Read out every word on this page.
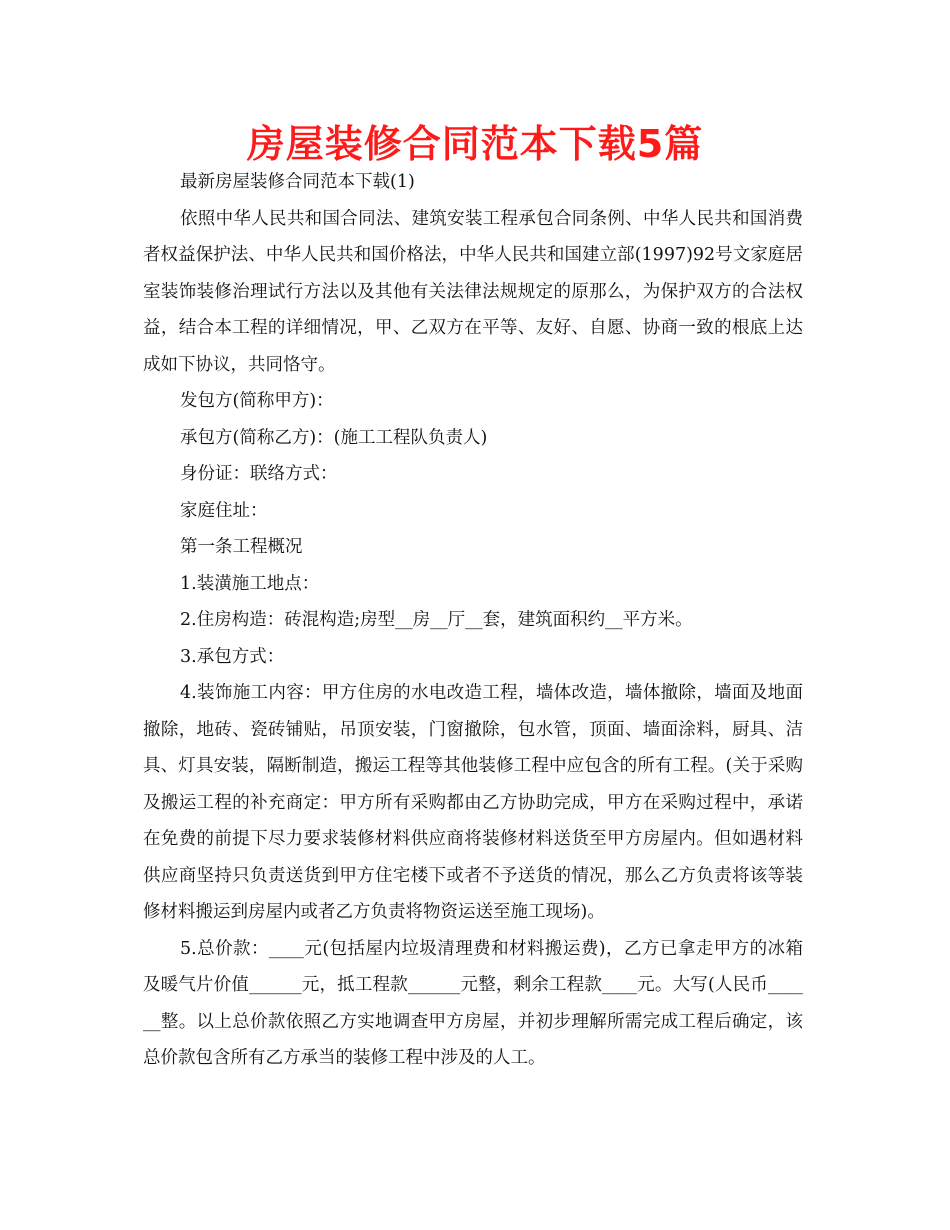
房屋装修合同范本下载5篇

最新房屋装修合同范本下载(1)

依照中华人民共和国合同法、建筑安装工程承包合同条例、中华人民共和国消费者权益保护法、中华人民共和国价格法，中华人民共和国建立部(1997)92号文家庭居室装饰装修治理试行方法以及其他有关法律法规规定的原那么，为保护双方的合法权益，结合本工程的详细情况，甲、乙双方在平等、友好、自愿、协商一致的根底上达成如下协议，共同恪守。

发包方(简称甲方)：

承包方(简称乙方)：(施工工程队负责人)

身份证：联络方式：

家庭住址：

第一条工程概况

1.装潢施工地点：

2.住房构造：砖混构造;房型__房__厅__套，建筑面积约__平方米。

3.承包方式：

4.装饰施工内容：甲方住房的水电改造工程，墙体改造，墙体撤除，墙面及地面撤除，地砖、瓷砖铺贴，吊顶安装，门窗撤除，包水管，顶面、墙面涂料，厨具、洁具、灯具安装，隔断制造，搬运工程等其他装修工程中应包含的所有工程。(关于采购及搬运工程的补充商定：甲方所有采购都由乙方协助完成，甲方在采购过程中，承诺在免费的前提下尽力要求装修材料供应商将装修材料送货至甲方房屋内。但如遇材料供应商坚持只负责送货到甲方住宅楼下或者不予送货的情况，那么乙方负责将该等装修材料搬运到房屋内或者乙方负责将物资运送至施工现场)。

5.总价款：____元(包括屋内垃圾清理费和材料搬运费)，乙方已拿走甲方的冰箱及暖气片价值______元，抵工程款______元整，剩余工程款____元。大写(人民币______整。以上总价款依照乙方实地调查甲方房屋，并初步理解所需完成工程后确定，该总价款包含所有乙方承当的装修工程中涉及的人工。
